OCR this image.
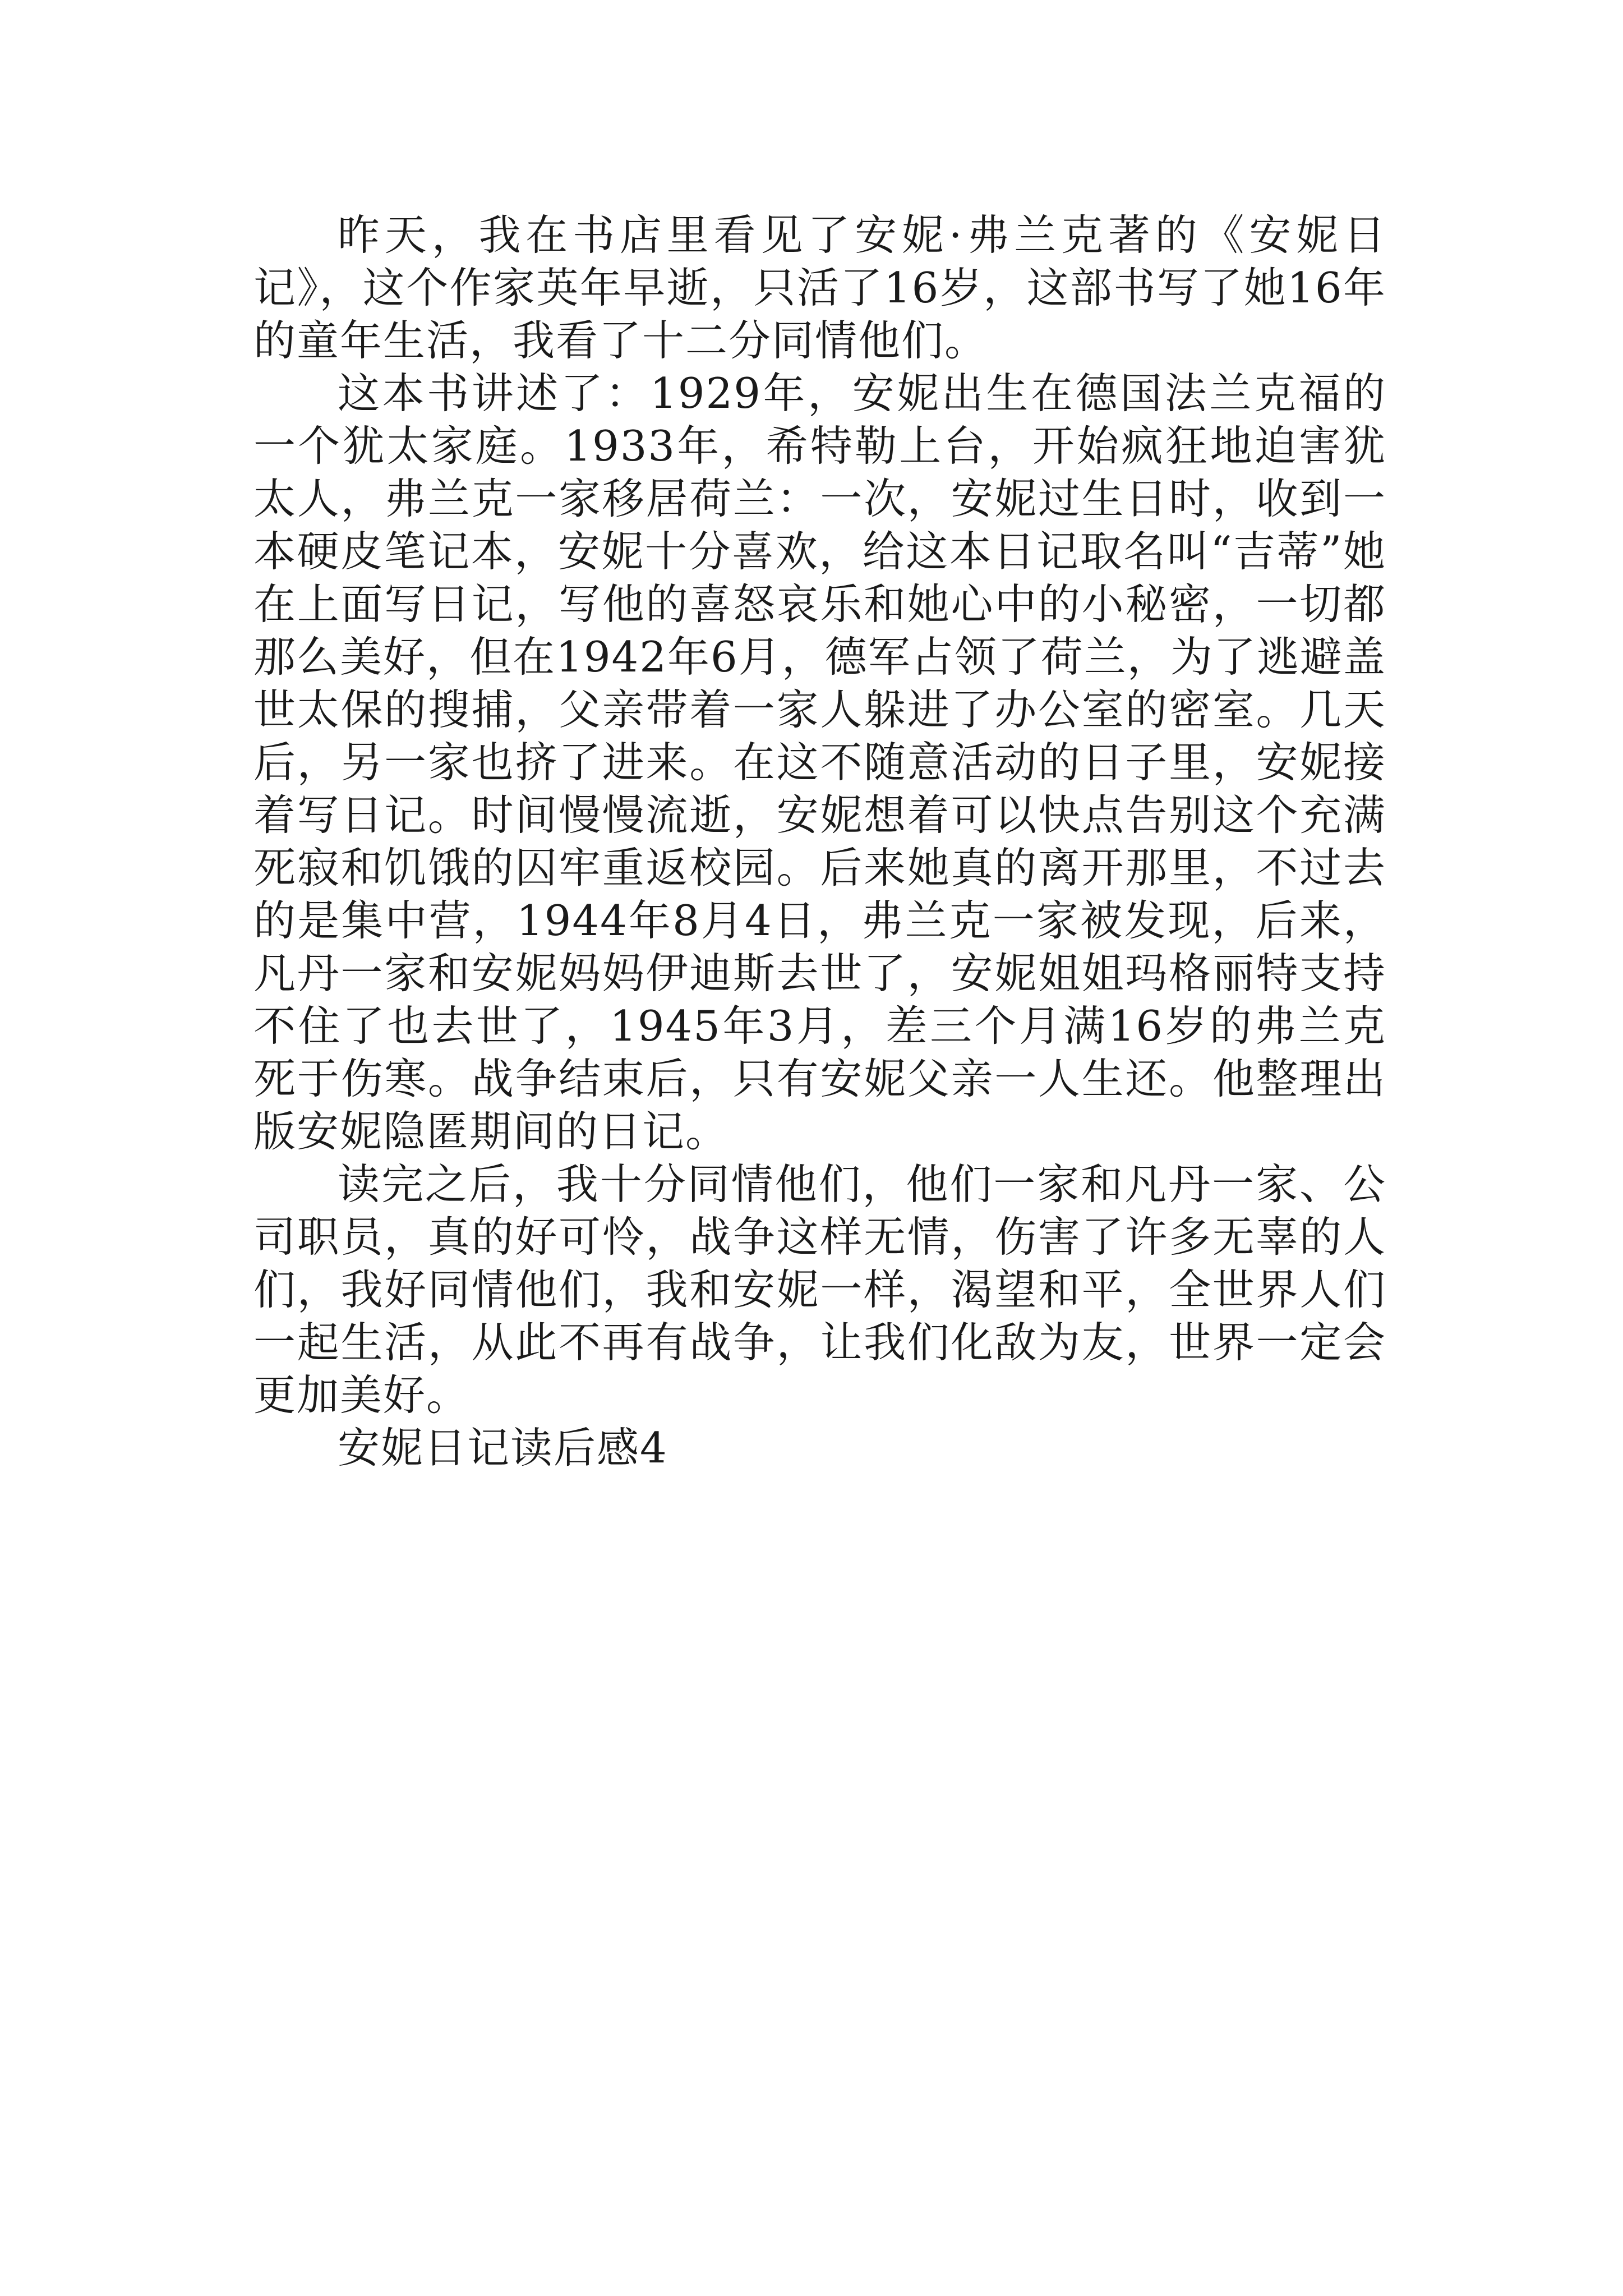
昨天，我在书店里看见了安妮·弗兰克著的《安妮日记》，这个作家英年早逝，只活了16岁，这部书写了她16年的童年生活，我看了十二分同情他们。

这本书讲述了：1929年，安妮出生在德国法兰克福的一个犹太家庭。1933年，希特勒上台，开始疯狂地迫害犹太人，弗兰克一家移居荷兰：一次，安妮过生日时，收到一本硬皮笔记本，安妮十分喜欢，给这本日记取名叫“吉蒂”她在上面写日记，写他的喜怒哀乐和她心中的小秘密，一切都那么美好，但在1942年6月，德军占领了荷兰，为了逃避盖世太保的搜捕，父亲带着一家人躲进了办公室的密室。几天后，另一家也挤了进来。在这不随意活动的日子里，安妮接着写日记。时间慢慢流逝，安妮想着可以快点告别这个充满死寂和饥饿的囚牢重返校园。后来她真的离开那里，不过去的是集中营，1944年8月4日，弗兰克一家被发现，后来，凡丹一家和安妮妈妈伊迪斯去世了，安妮姐姐玛格丽特支持不住了也去世了，1945年3月，差三个月满16岁的弗兰克死于伤寒。战争结束后，只有安妮父亲一人生还。他整理出版安妮隐匿期间的日记。

读完之后，我十分同情他们，他们一家和凡丹一家、公司职员，真的好可怜，战争这样无情，伤害了许多无辜的人们，我好同情他们，我和安妮一样，渴望和平，全世界人们一起生活，从此不再有战争，让我们化敌为友，世界一定会更加美好。

安妮日记读后感4
